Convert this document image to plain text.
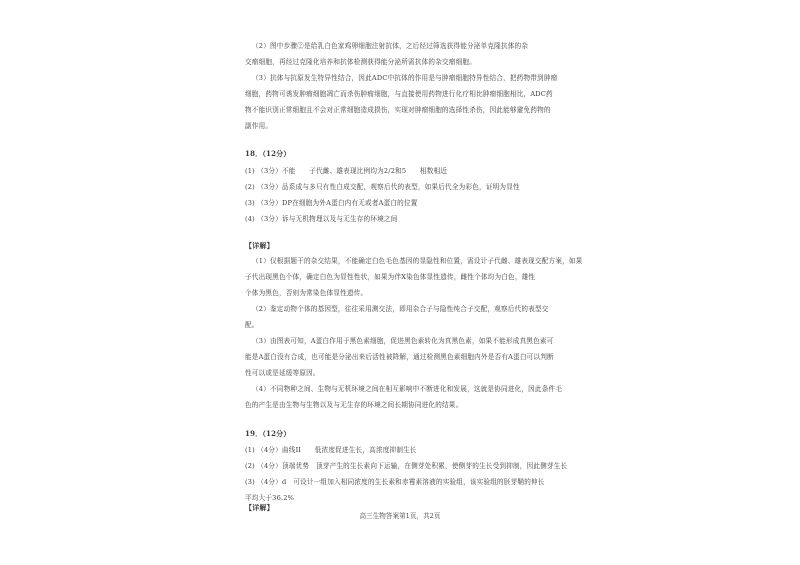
（2）图中步骤②是给乳白色家鸡卵细胞注射抗体，之后经过筛选获得能分泌单克隆抗体的杂
交瘤细胞，再经过克隆化培养和抗体检测获得能分泌所需抗体的杂交瘤细胞。
（3）抗体与抗原发生特异性结合，因此ADC中抗体的作用是与肿瘤细胞特异性结合，把药物带到肿瘤
细胞，药物可诱发肿瘤细胞凋亡而杀伤肿瘤细胞，与直接使用药物进行化疗相比肿瘤细胞相比，ADC药
物不能识别正常细胞且不会对正常细胞造成损伤，实现对肿瘤细胞的选择性杀伤，因此能够避免药物的
副作用。
18．（12分）
(1) （3分）不能　　子代雌、雄表现比例均为2/2和5　　相数相近
(2) （3分）品系成与多只有性白成交配，观察后代的表型，如果后代全为彩色，证明为显性
(3) （3分）DP在细胞为外A蛋白内有无或者A蛋白的位置
(4) （3分）诉与无机物理以及与无生存的环境之间
【详解】
（1）仅根据题干的杂交结果，不能确定白色毛色基因的显隐性和位置，需设计子代雌、雄表现交配方案，如果
子代出现黑色个体，确定白色为显性性状，如果为伴X染色体显性遗传，雌性个体均为白色，雄性
个体为黑色，否则为常染色体显性遗传。
（2）鉴定动物个体的基因型，往往采用测交法，即用杂合子与隐性纯合子交配，观察后代的表型交
配。
（3）由图表可知，A蛋白作用于黑色素细胞，促进黑色素转化为真黑色素，如果不能形成真黑色素可
能是A蛋白没有合成，也可能是分泌出来后活性被降解，通过检测黑色素细胞内外是否有A蛋白可以判断
性可以或是延缓等原因。
（4）不同物种之间、生物与无机环境之间在相互影响中不断进化和发展，这就是协同进化，因此条件毛
色的产生是由生物与生物以及与无生存的环境之间长期协同进化的结果。
19．（12分）
(1) （4分）曲线II　　低浓度促进生长，高浓度抑制生长
(2) （4分）顶端优势　顶芽产生的生长素向下运输，在侧芽处积累，使侧芽的生长受到抑制，因此侧芽生长
(3) （4分）d　可设计一组加入相同浓度的生长素和赤霉素溶液的实验组，该实验组的胚芽鞘的伸长
平均大于36.2%
【详解】
高三生物答案第1页，共2页
